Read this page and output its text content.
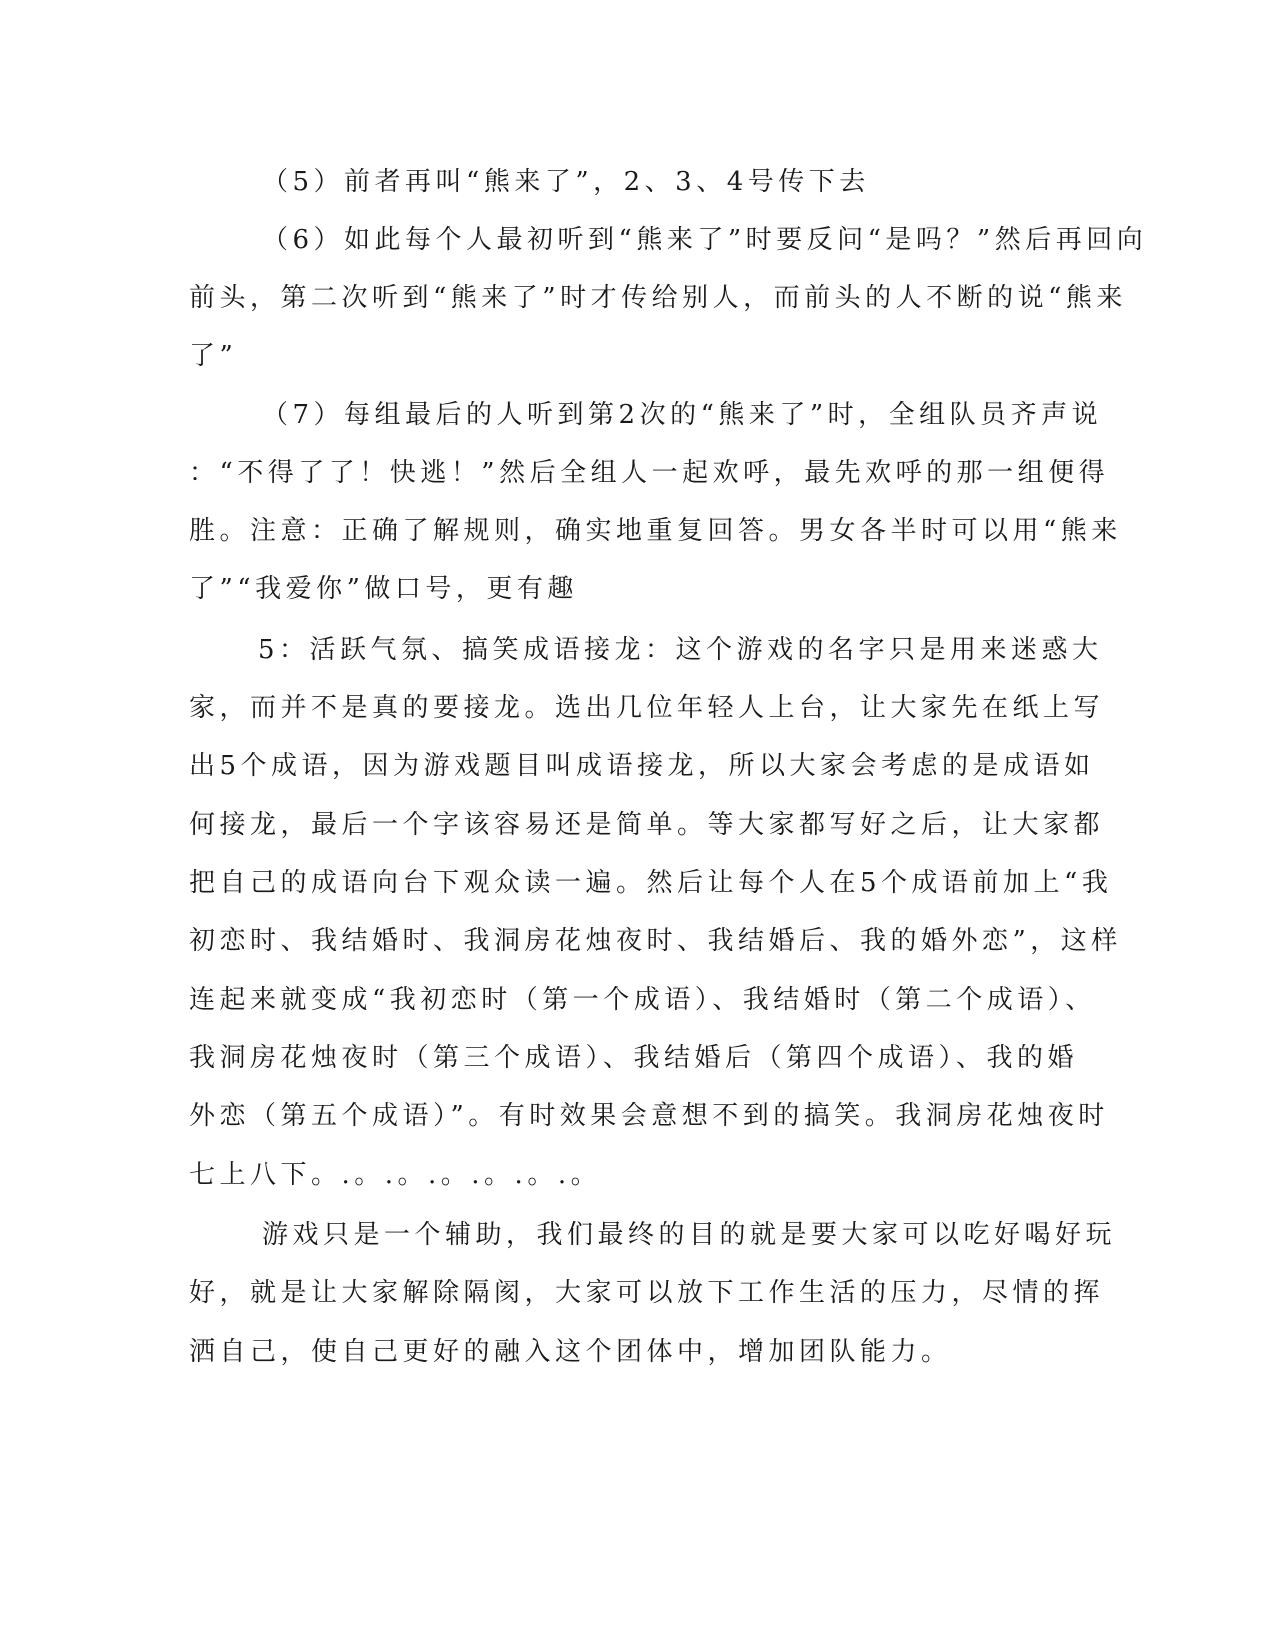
（5）前者再叫“熊来了”，2、3、4号传下去
（6）如此每个人最初听到“熊来了”时要反问“是吗？”然后再回向
前头，第二次听到“熊来了”时才传给别人，而前头的人不断的说“熊来
了”
（7）每组最后的人听到第2次的“熊来了”时，全组队员齐声说
：“不得了了！快逃！”然后全组人一起欢呼，最先欢呼的那一组便得
胜。注意：正确了解规则，确实地重复回答。男女各半时可以用“熊来
了”“我爱你”做口号，更有趣
5：活跃气氛、搞笑成语接龙：这个游戏的名字只是用来迷惑大
家，而并不是真的要接龙。选出几位年轻人上台，让大家先在纸上写
出5个成语，因为游戏题目叫成语接龙，所以大家会考虑的是成语如
何接龙，最后一个字该容易还是简单。等大家都写好之后，让大家都
把自己的成语向台下观众读一遍。然后让每个人在5个成语前加上“我
初恋时、我结婚时、我洞房花烛夜时、我结婚后、我的婚外恋”，这样
连起来就变成“我初恋时（第一个成语）、我结婚时（第二个成语）、
我洞房花烛夜时（第三个成语）、我结婚后（第四个成语）、我的婚
外恋（第五个成语）”。有时效果会意想不到的搞笑。我洞房花烛夜时
七上八下。.。.。.。.。.。.。
游戏只是一个辅助，我们最终的目的就是要大家可以吃好喝好玩
好，就是让大家解除隔阂，大家可以放下工作生活的压力，尽情的挥
洒自己，使自己更好的融入这个团体中，增加团队能力。
